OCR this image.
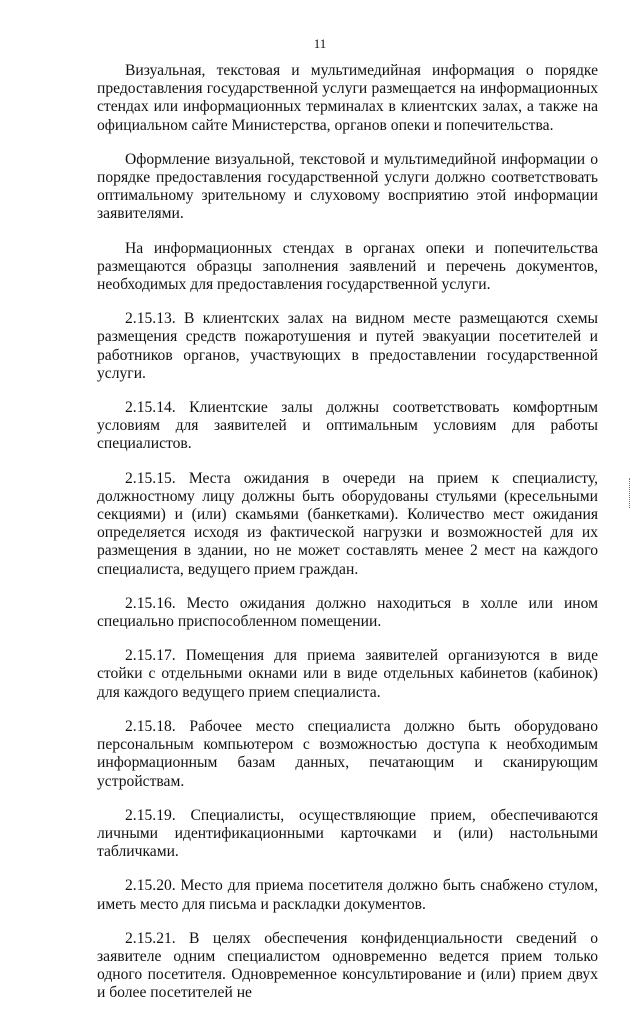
11

Визуальная, текстовая и мультимедийная информация о порядке предоставления государственной услуги размещается на информационных стендах или информационных терминалах в клиентских залах, а также на официальном сайте Министерства, органов опеки и попечительства.

Оформление визуальной, текстовой и мультимедийной информации о порядке предоставления государственной услуги должно соответствовать оптимальному зрительному и слуховому восприятию этой информации заявителями.

На информационных стендах в органах опеки и попечительства размещаются образцы заполнения заявлений и перечень документов, необходимых для предоставления государственной услуги.

2.15.13. В клиентских залах на видном месте размещаются схемы размещения средств пожаротушения и путей эвакуации посетителей и работников органов, участвующих в предоставлении государственной услуги.

2.15.14. Клиентские залы должны соответствовать комфортным условиям для заявителей и оптимальным условиям для работы специалистов.

2.15.15. Места ожидания в очереди на прием к специалисту, должностному лицу должны быть оборудованы стульями (кресельными секциями) и (или) скамьями (банкетками). Количество мест ожидания определяется исходя из фактической нагрузки и возможностей для их размещения в здании, но не может составлять менее 2 мест на каждого специалиста, ведущего прием граждан.

2.15.16. Место ожидания должно находиться в холле или ином специально приспособленном помещении.

2.15.17. Помещения для приема заявителей организуются в виде стойки с отдельными окнами или в виде отдельных кабинетов (кабинок) для каждого ведущего прием специалиста.

2.15.18. Рабочее место специалиста должно быть оборудовано персональным компьютером с возможностью доступа к необходимым информационным базам данных, печатающим и сканирующим устройствам.

2.15.19. Специалисты, осуществляющие прием, обеспечиваются личными идентификационными карточками и (или) настольными табличками.

2.15.20. Место для приема посетителя должно быть снабжено стулом, иметь место для письма и раскладки документов.

2.15.21. В целях обеспечения конфиденциальности сведений о заявителе одним специалистом одновременно ведется прием только одного посетителя. Одновременное консультирование и (или) прием двух и более посетителей не
